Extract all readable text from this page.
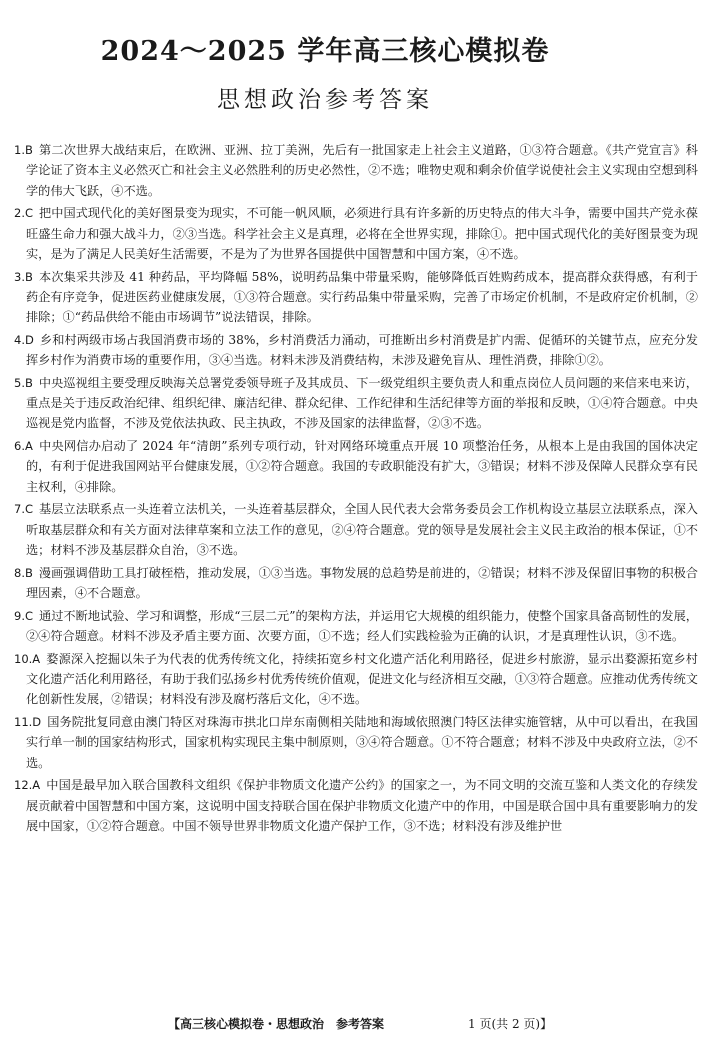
2024～2025 学年高三核心模拟卷
思想政治参考答案

1.B 第二次世界大战结束后，在欧洲、亚洲、拉丁美洲，先后有一批国家走上社会主义道路，①③符合题意。《共产党宣言》科学论证了资本主义必然灭亡和社会主义必然胜利的历史必然性，②不选；唯物史观和剩余价值学说使社会主义实现由空想到科学的伟大飞跃，④不选。

2.C 把中国式现代化的美好图景变为现实，不可能一帆风顺，必须进行具有许多新的历史特点的伟大斗争，需要中国共产党永葆旺盛生命力和强大战斗力，②③当选。科学社会主义是真理，必将在全世界实现，排除①。把中国式现代化的美好图景变为现实，是为了满足人民美好生活需要，不是为了为世界各国提供中国智慧和中国方案，④不选。

3.B 本次集采共涉及 41 种药品，平均降幅 58%，说明药品集中带量采购，能够降低百姓购药成本，提高群众获得感，有利于药企有序竞争，促进医药业健康发展，①③符合题意。实行药品集中带量采购，完善了市场定价机制，不是政府定价机制，②排除；①“药品供给不能由市场调节”说法错误，排除。

4.D 乡和村两级市场占我国消费市场的 38%，乡村消费活力涌动，可推断出乡村消费是扩内需、促循环的关键节点，应充分发挥乡村作为消费市场的重要作用，③④当选。材料未涉及消费结构，未涉及避免盲从、理性消费，排除①②。

5.B 中央巡视组主要受理反映海关总署党委领导班子及其成员、下一级党组织主要负责人和重点岗位人员问题的来信来电来访，重点是关于违反政治纪律、组织纪律、廉洁纪律、群众纪律、工作纪律和生活纪律等方面的举报和反映，①④符合题意。中央巡视是党内监督，不涉及党依法执政、民主执政，不涉及国家的法律监督，②③不选。

6.A 中央网信办启动了 2024 年“清朗”系列专项行动，针对网络环境重点开展 10 项整治任务，从根本上是由我国的国体决定的，有利于促进我国网站平台健康发展，①②符合题意。我国的专政职能没有扩大，③错误；材料不涉及保障人民群众享有民主权利，④排除。

7.C 基层立法联系点一头连着立法机关，一头连着基层群众，全国人民代表大会常务委员会工作机构设立基层立法联系点，深入听取基层群众和有关方面对法律草案和立法工作的意见，②④符合题意。党的领导是发展社会主义民主政治的根本保证，①不选；材料不涉及基层群众自治，③不选。

8.B 漫画强调借助工具打破桎梏，推动发展，①③当选。事物发展的总趋势是前进的，②错误；材料不涉及保留旧事物的积极合理因素，④不合题意。

9.C 通过不断地试验、学习和调整，形成“三层二元”的架构方法，并运用它大规模的组织能力，使整个国家具备高韧性的发展，②④符合题意。材料不涉及矛盾主要方面、次要方面，①不选；经人们实践检验为正确的认识，才是真理性认识，③不选。

10.A 婺源深入挖掘以朱子为代表的优秀传统文化，持续拓宽乡村文化遗产活化利用路径，促进乡村旅游，显示出婺源拓宽乡村文化遗产活化利用路径，有助于我们弘扬乡村优秀传统价值观，促进文化与经济相互交融，①③符合题意。应推动优秀传统文化创新性发展，②错误；材料没有涉及腐朽落后文化，④不选。

11.D 国务院批复同意由澳门特区对珠海市拱北口岸东南侧相关陆地和海域依照澳门特区法律实施管辖，从中可以看出，在我国实行单一制的国家结构形式，国家机构实现民主集中制原则，③④符合题意。①不符合题意；材料不涉及中央政府立法，②不选。

12.A 中国是最早加入联合国教科文组织《保护非物质文化遗产公约》的国家之一，为不同文明的交流互鉴和人类文化的存续发展贡献着中国智慧和中国方案，这说明中国支持联合国在保护非物质文化遗产中的作用，中国是联合国中具有重要影响力的发展中国家，①②符合题意。中国不领导世界非物质文化遗产保护工作，③不选；材料没有涉及维护世

【高三核心模拟卷・思想政治　参考答案	1 页(共 2 页)】
